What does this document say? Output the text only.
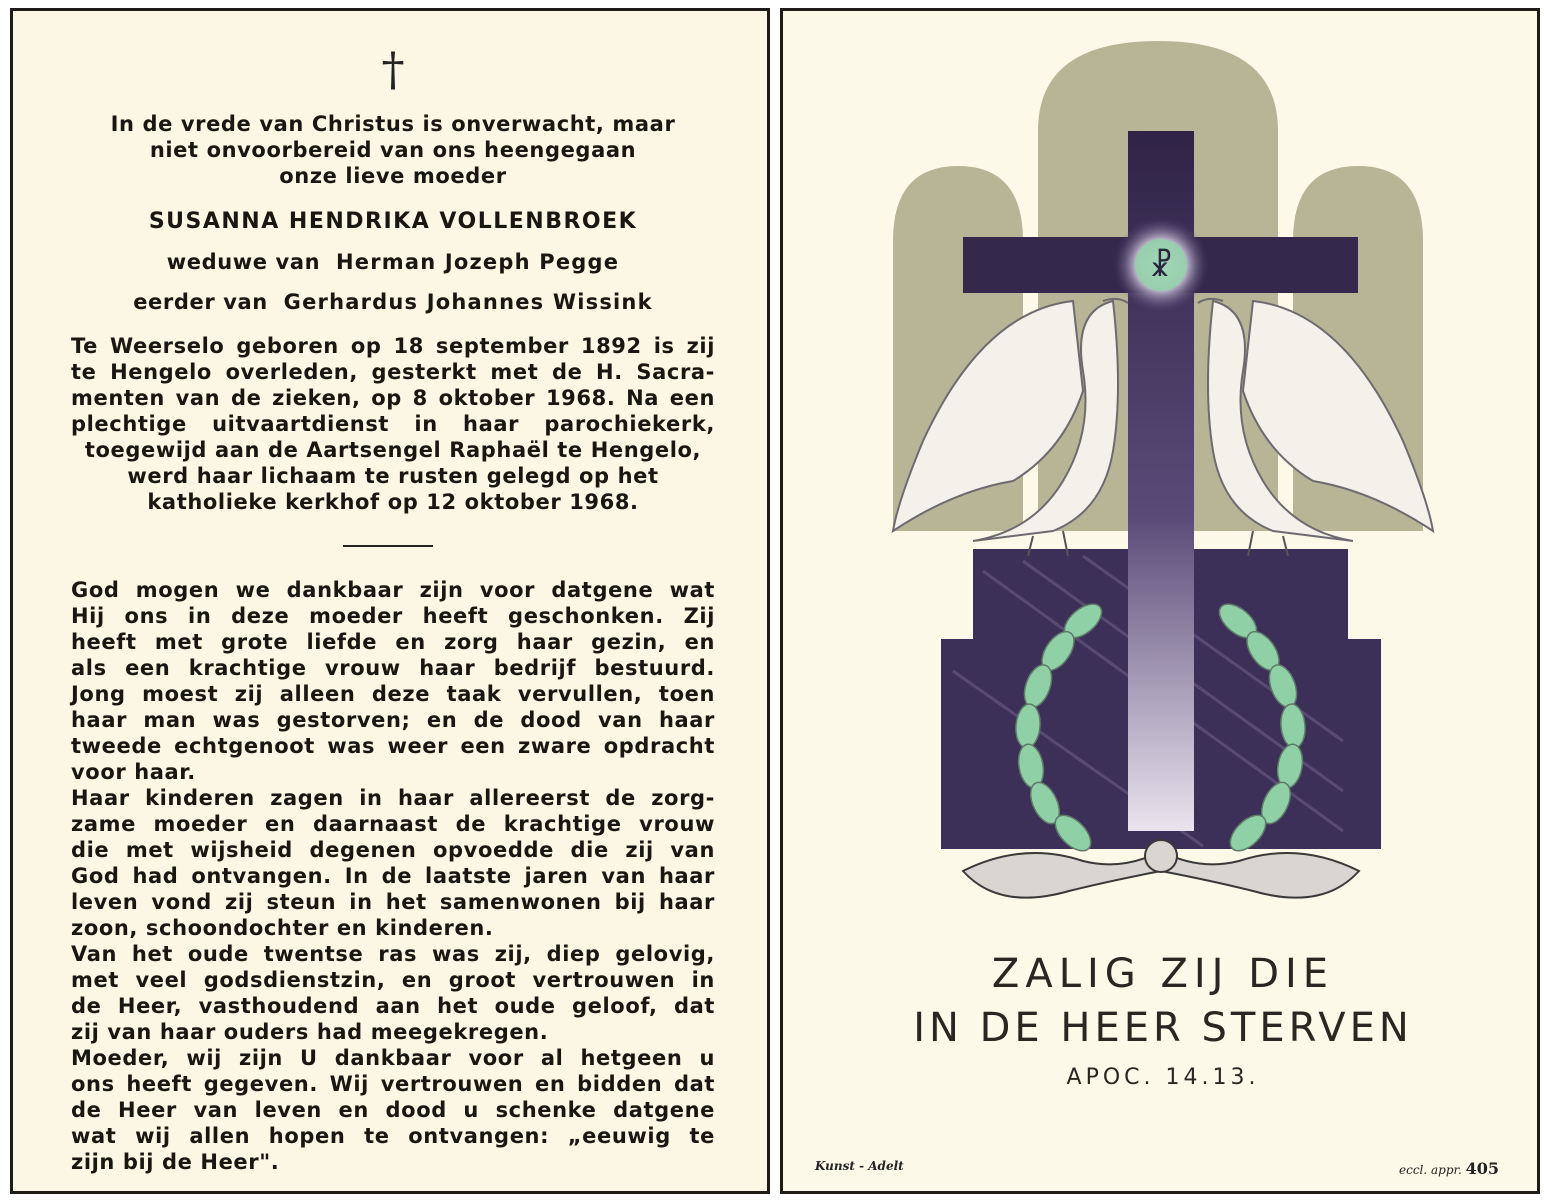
†
In de vrede van Christus is onverwacht, maar
niet onvoorbereid van ons heengegaan
onze lieve moeder
SUSANNA HENDRIKA VOLLENBROEK
weduwe van Herman Jozeph Pegge
eerder van Gerhardus Johannes Wissink
Te Weerselo geboren op 18 september 1892 is zij
te Hengelo overleden, gesterkt met de H. Sacra-
menten van de zieken, op 8 oktober 1968. Na een
plechtige uitvaartdienst in haar parochiekerk,
toegewijd aan de Aartsengel Raphaël te Hengelo,
werd haar lichaam te rusten gelegd op het
katholieke kerkhof op 12 oktober 1968.
God mogen we dankbaar zijn voor datgene wat
Hij ons in deze moeder heeft geschonken. Zij
heeft met grote liefde en zorg haar gezin, en
als een krachtige vrouw haar bedrijf bestuurd.
Jong moest zij alleen deze taak vervullen, toen
haar man was gestorven; en de dood van haar
tweede echtgenoot was weer een zware opdracht
voor haar.
Haar kinderen zagen in haar allereerst de zorg-
zame moeder en daarnaast de krachtige vrouw
die met wijsheid degenen opvoedde die zij van
God had ontvangen. In de laatste jaren van haar
leven vond zij steun in het samenwonen bij haar
zoon, schoondochter en kinderen.
Van het oude twentse ras was zij, diep gelovig,
met veel godsdienstzin, en groot vertrouwen in
de Heer, vasthoudend aan het oude geloof, dat
zij van haar ouders had meegekregen.
Moeder, wij zijn U dankbaar voor al hetgeen u
ons heeft gegeven. Wij vertrouwen en bidden dat
de Heer van leven en dood u schenke datgene
wat wij allen hopen te ontvangen: „eeuwig te
zijn bij de Heer".
☧
ZALIG ZIJ DIE
IN DE HEER STERVEN
APOC. 14.13.
Kunst - Adelt	eccl. appr. 405
